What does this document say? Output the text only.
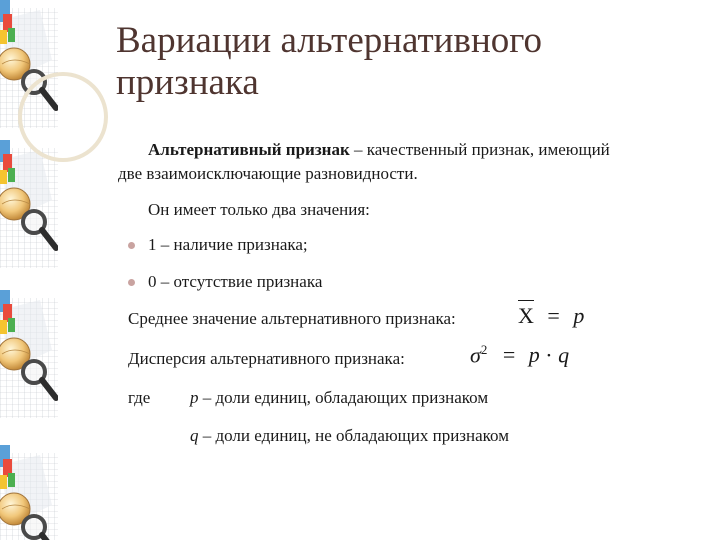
Вариации альтернативного
признака

Альтернативный признак – качественный признак, имеющий

две взаимоисключающие разновидности.

Он имеет только два значения:

1 – наличие признака;

0 – отсутствие признака

Среднее значение альтернативного признака:	X = p

Дисперсия альтернативного признака:	$\sigma^2 = p \cdot q$

где p – доли единиц, обладающих признаком

q – доли единиц, не обладающих признаком
